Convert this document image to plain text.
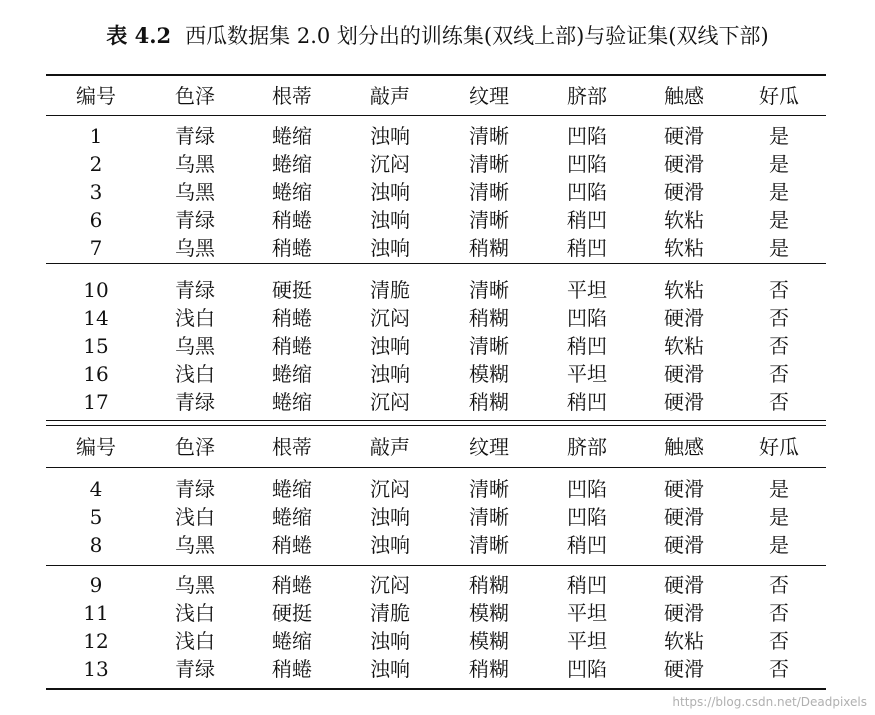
表 4.2 西瓜数据集 2.0 划分出的训练集(双线上部)与验证集(双线下部)
编号	色泽	根蒂	敲声	纹理	脐部	触感	好瓜
1	青绿	蜷缩	浊响	清晰	凹陷	硬滑	是
2	乌黑	蜷缩	沉闷	清晰	凹陷	硬滑	是
3	乌黑	蜷缩	浊响	清晰	凹陷	硬滑	是
6	青绿	稍蜷	浊响	清晰	稍凹	软粘	是
7	乌黑	稍蜷	浊响	稍糊	稍凹	软粘	是
10	青绿	硬挺	清脆	清晰	平坦	软粘	否
14	浅白	稍蜷	沉闷	稍糊	凹陷	硬滑	否
15	乌黑	稍蜷	浊响	清晰	稍凹	软粘	否
16	浅白	蜷缩	浊响	模糊	平坦	硬滑	否
17	青绿	蜷缩	沉闷	稍糊	稍凹	硬滑	否
编号	色泽	根蒂	敲声	纹理	脐部	触感	好瓜
4	青绿	蜷缩	沉闷	清晰	凹陷	硬滑	是
5	浅白	蜷缩	浊响	清晰	凹陷	硬滑	是
8	乌黑	稍蜷	浊响	清晰	稍凹	硬滑	是
9	乌黑	稍蜷	沉闷	稍糊	稍凹	硬滑	否
11	浅白	硬挺	清脆	模糊	平坦	硬滑	否
12	浅白	蜷缩	浊响	模糊	平坦	软粘	否
13	青绿	稍蜷	浊响	稍糊	凹陷	硬滑	否
https://blog.csdn.net/Deadpixels
